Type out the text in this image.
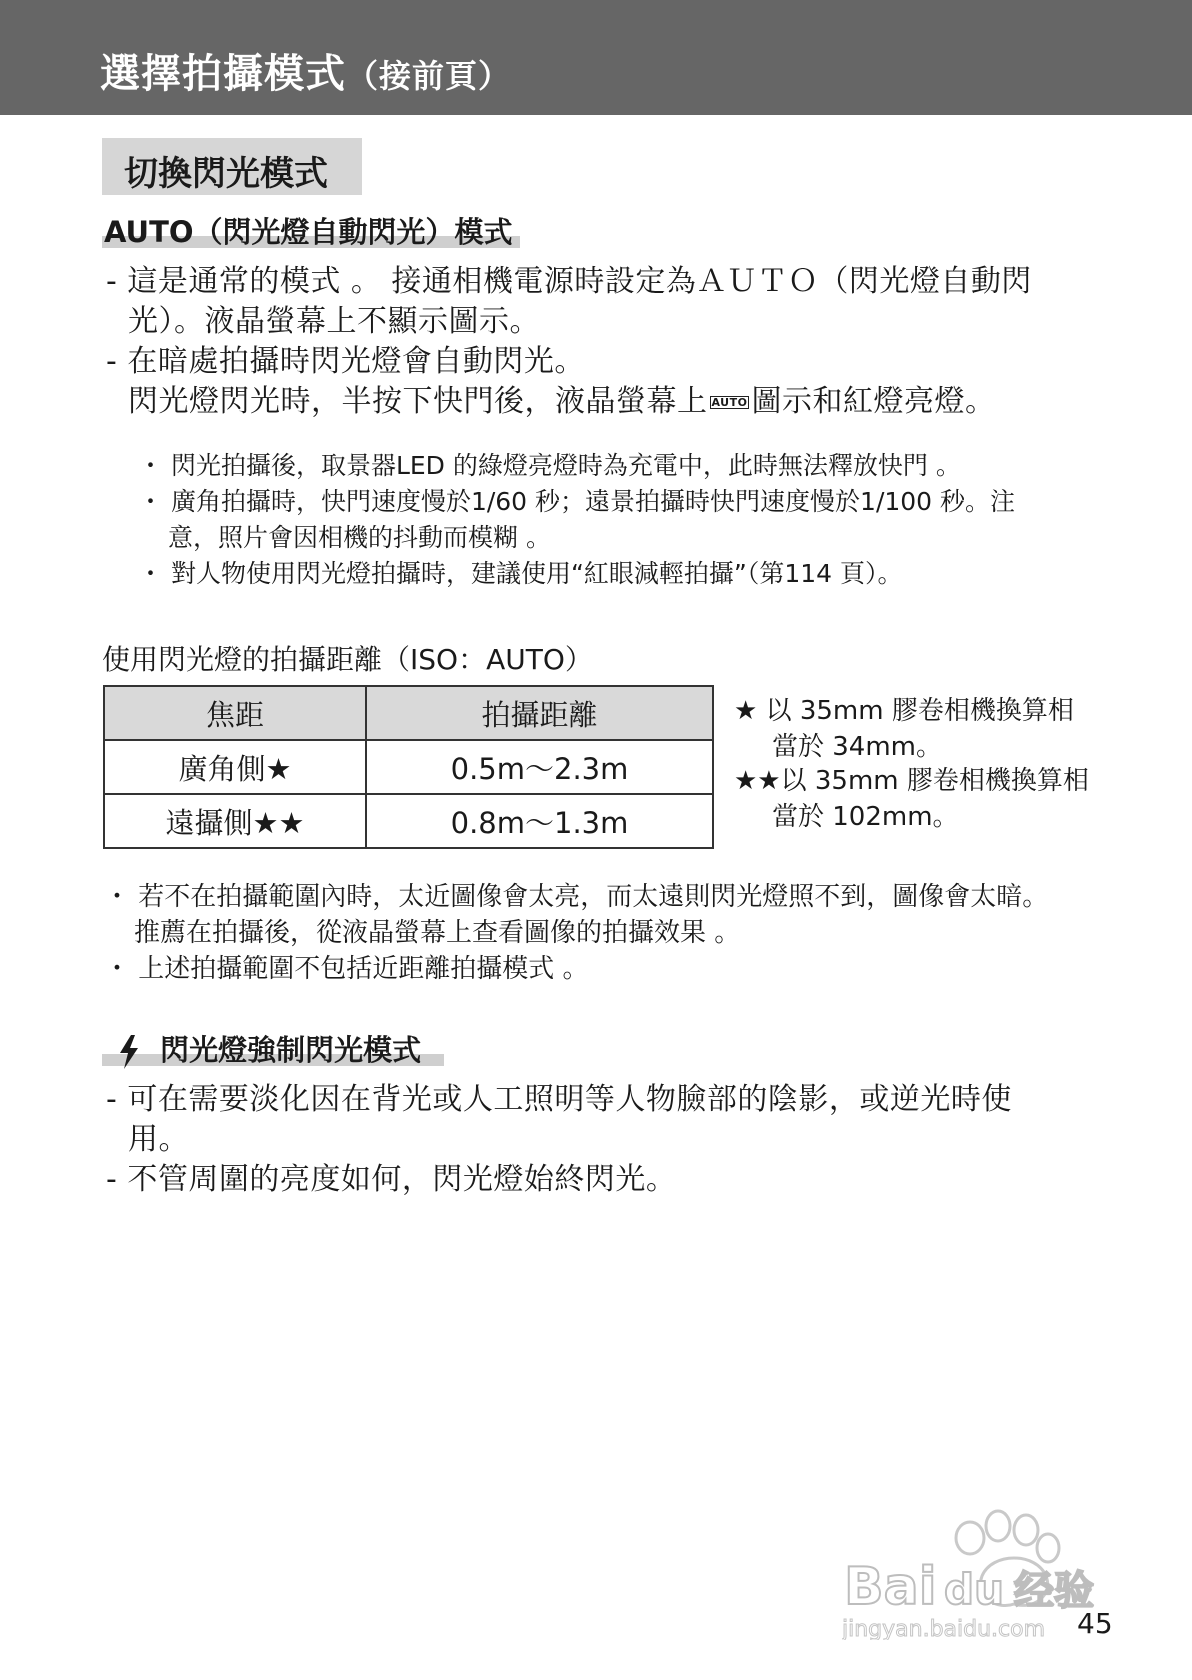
選擇拍攝模式（接前頁）
切換閃光模式
AUTO（閃光燈自動閃光）模式
- 這是通常的模式 。 接通相機電源時設定為ＡＵＴＯ（閃光燈自動閃
光）。液晶螢幕上不顯示圖示。
- 在暗處拍攝時閃光燈會自動閃光。
閃光燈閃光時，半按下快門後，液晶螢幕上 AUTO 圖示和紅燈亮燈。
・ 閃光拍攝後，取景器LED 的綠燈亮燈時為充電中，此時無法釋放快門 。
・ 廣角拍攝時，快門速度慢於1/60 秒；遠景拍攝時快門速度慢於1/100 秒。注
意，照片會因相機的抖動而模糊 。
・ 對人物使用閃光燈拍攝時，建議使用“紅眼減輕拍攝”（第114 頁）。
使用閃光燈的拍攝距離（ISO：AUTO）
焦距	拍攝距離
廣角側★	0.5m～2.3m
遠攝側★★	0.8m～1.3m
★ 以 35mm 膠卷相機換算相
當於 34mm。
★★以 35mm 膠卷相機換算相
當於 102mm。
・ 若不在拍攝範圍內時，太近圖像會太亮，而太遠則閃光燈照不到，圖像會太暗。
推薦在拍攝後，從液晶螢幕上查看圖像的拍攝效果 。
・ 上述拍攝範圍不包括近距離拍攝模式 。
閃光燈強制閃光模式
- 可在需要淡化因在背光或人工照明等人物臉部的陰影，或逆光時使
用。
- 不管周圍的亮度如何，閃光燈始終閃光。
Bai du 经验
jingyan.baidu.com 45
